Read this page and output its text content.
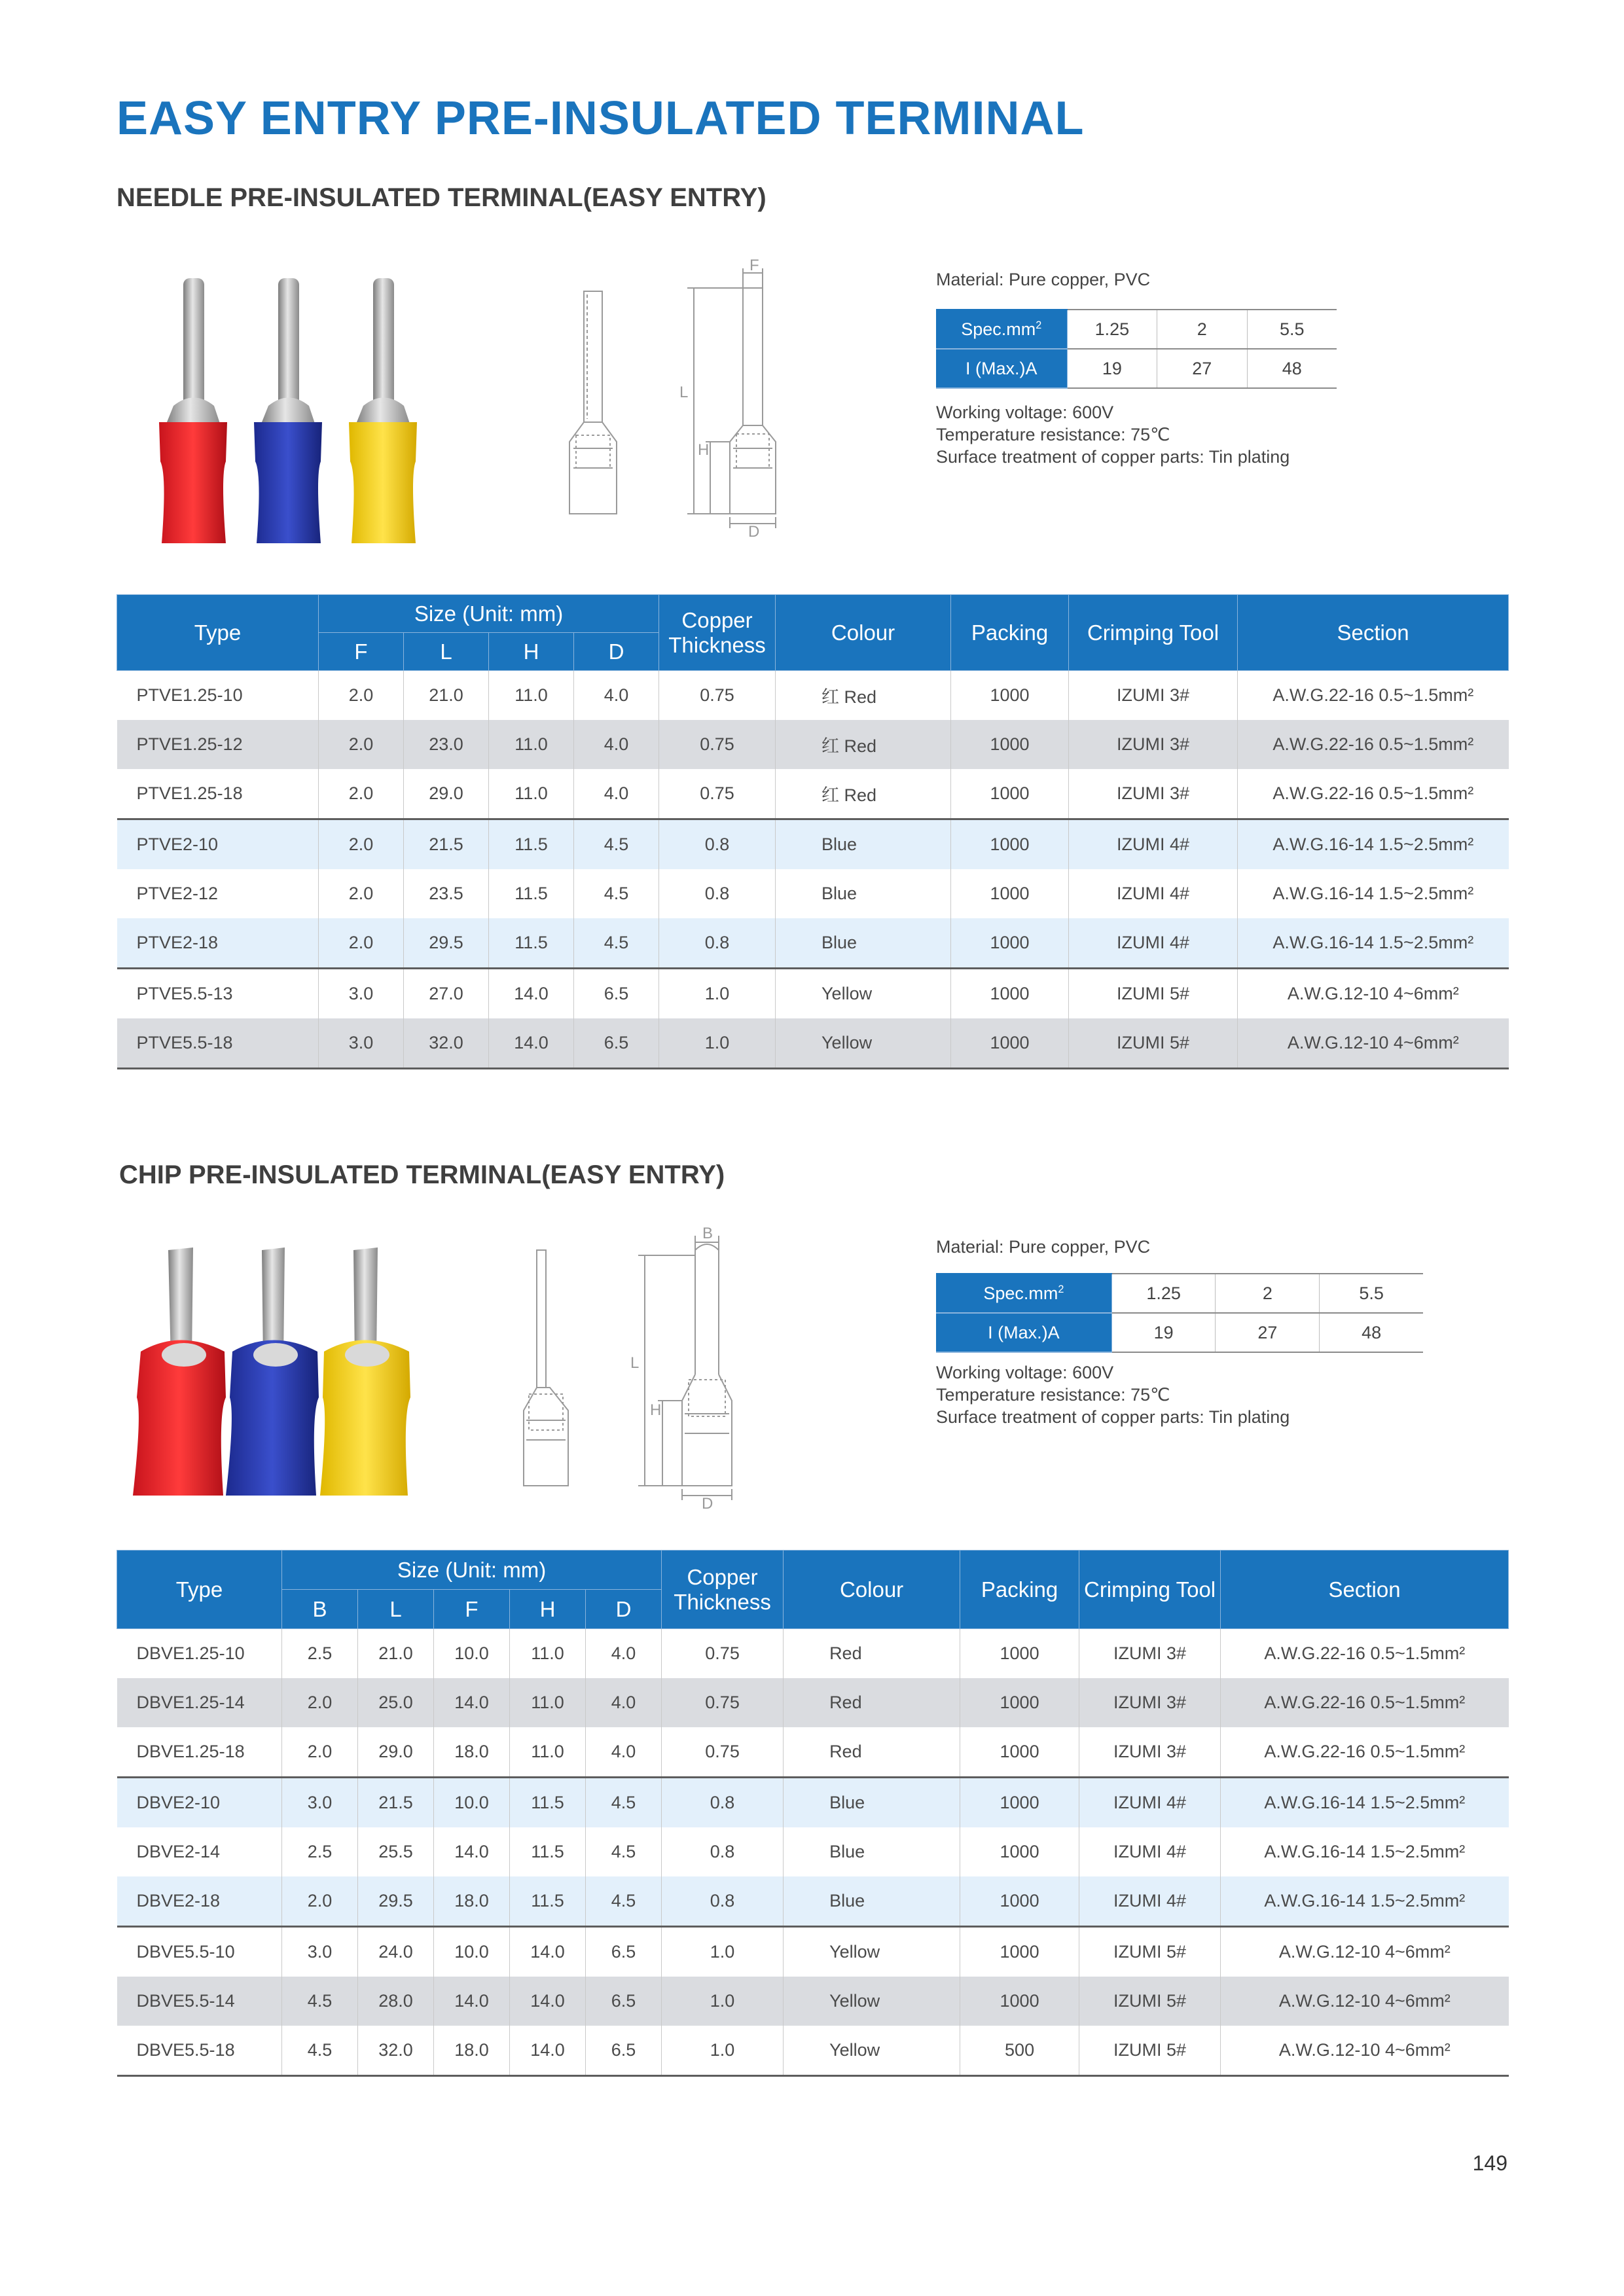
EASY ENTRY PRE-INSULATED TERMINAL
NEEDLE PRE-INSULATED TERMINAL(EASY ENTRY)
F
L
H
D
Material: Pure copper, PVC
$Spec.mm^2$	1.25	2	5.5
I (Max.)A	19	27	48
Working voltage: 600V
Temperature resistance: 75℃
Surface treatment of copper parts: Tin plating
Type	Size (Unit: mm)				Copper Thickness	Colour	Packing	Crimping Tool	Section
	F	L	H	D					
PTVE1.25-10	2.0	21.0	11.0	4.0	0.75	红 Red	1000	IZUMI 3#	A.W.G.22-16 0.5~1.5mm²
PTVE1.25-12	2.0	23.0	11.0	4.0	0.75	红 Red	1000	IZUMI 3#	A.W.G.22-16 0.5~1.5mm²
PTVE1.25-18	2.0	29.0	11.0	4.0	0.75	红 Red	1000	IZUMI 3#	A.W.G.22-16 0.5~1.5mm²
PTVE2-10	2.0	21.5	11.5	4.5	0.8	Blue	1000	IZUMI 4#	A.W.G.16-14 1.5~2.5mm²
PTVE2-12	2.0	23.5	11.5	4.5	0.8	Blue	1000	IZUMI 4#	A.W.G.16-14 1.5~2.5mm²
PTVE2-18	2.0	29.5	11.5	4.5	0.8	Blue	1000	IZUMI 4#	A.W.G.16-14 1.5~2.5mm²
PTVE5.5-13	3.0	27.0	14.0	6.5	1.0	Yellow	1000	IZUMI 5#	A.W.G.12-10 4~6mm²
PTVE5.5-18	3.0	32.0	14.0	6.5	1.0	Yellow	1000	IZUMI 5#	A.W.G.12-10 4~6mm²
CHIP PRE-INSULATED TERMINAL(EASY ENTRY)
B
L
H
D
Material: Pure copper, PVC
$Spec.mm^2$	1.25	2	5.5
I (Max.)A	19	27	48
Working voltage: 600V
Temperature resistance: 75℃
Surface treatment of copper parts: Tin plating
Type	Size (Unit: mm)					Copper Thickness	Colour	Packing	Crimping Tool	Section
	B	L	F	H	D					
DBVE1.25-10	2.5	21.0	10.0	11.0	4.0	0.75	Red	1000	IZUMI 3#	A.W.G.22-16 0.5~1.5mm²
DBVE1.25-14	2.0	25.0	14.0	11.0	4.0	0.75	Red	1000	IZUMI 3#	A.W.G.22-16 0.5~1.5mm²
DBVE1.25-18	2.0	29.0	18.0	11.0	4.0	0.75	Red	1000	IZUMI 3#	A.W.G.22-16 0.5~1.5mm²
DBVE2-10	3.0	21.5	10.0	11.5	4.5	0.8	Blue	1000	IZUMI 4#	A.W.G.16-14 1.5~2.5mm²
DBVE2-14	2.5	25.5	14.0	11.5	4.5	0.8	Blue	1000	IZUMI 4#	A.W.G.16-14 1.5~2.5mm²
DBVE2-18	2.0	29.5	18.0	11.5	4.5	0.8	Blue	1000	IZUMI 4#	A.W.G.16-14 1.5~2.5mm²
DBVE5.5-10	3.0	24.0	10.0	14.0	6.5	1.0	Yellow	1000	IZUMI 5#	A.W.G.12-10 4~6mm²
DBVE5.5-14	4.5	28.0	14.0	14.0	6.5	1.0	Yellow	1000	IZUMI 5#	A.W.G.12-10 4~6mm²
DBVE5.5-18	4.5	32.0	18.0	14.0	6.5	1.0	Yellow	500	IZUMI 5#	A.W.G.12-10 4~6mm²
149
